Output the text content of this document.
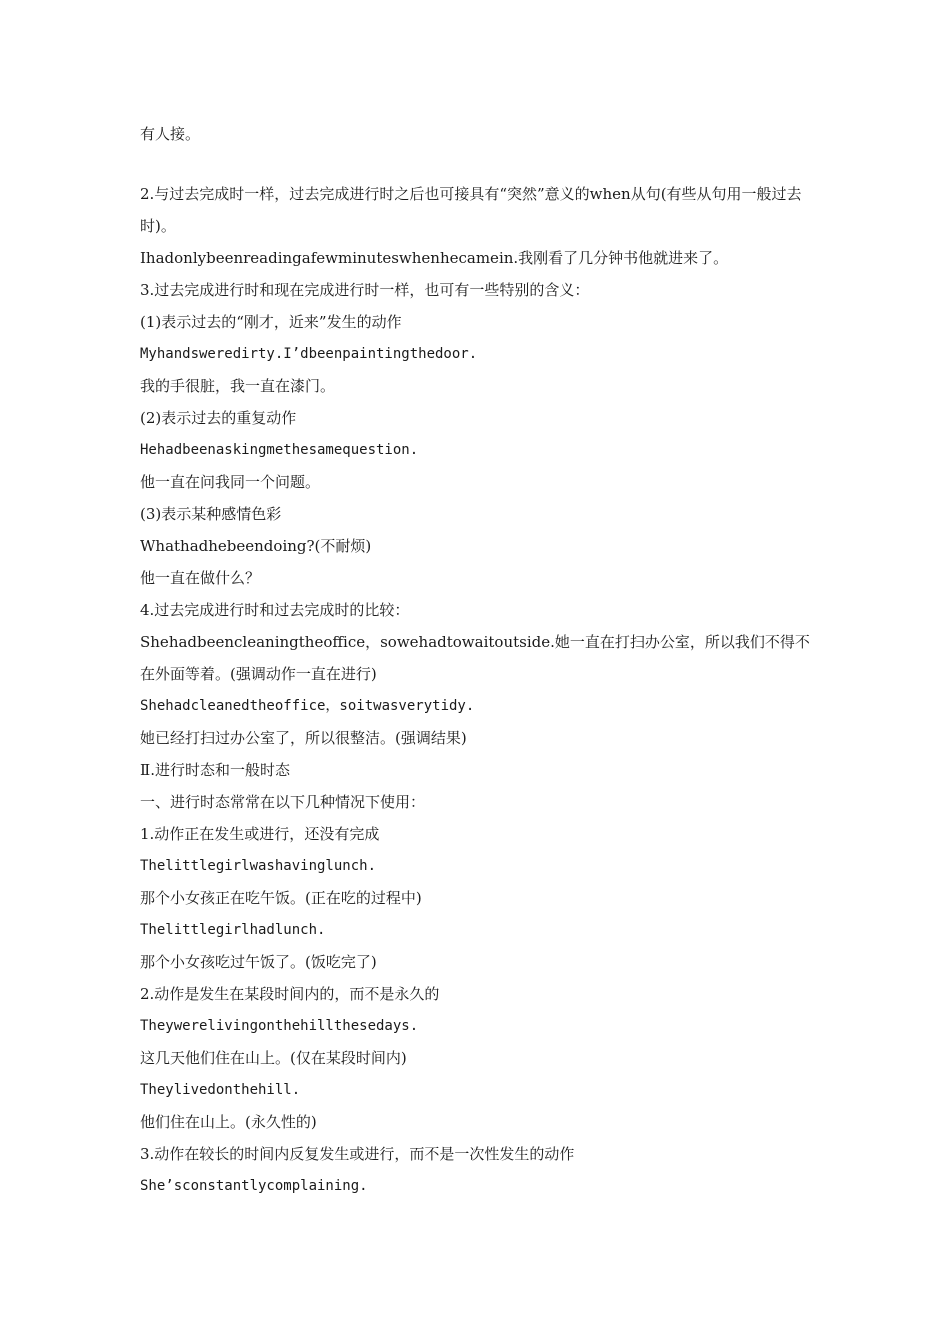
有人接。

2.与过去完成时一样，过去完成进行时之后也可接具有“突然”意义的when从句(有些从句用一般过去时)。

Ihadonlybeenreadingafewminuteswhenhecamein.我刚看了几分钟书他就进来了。

3.过去完成进行时和现在完成进行时一样，也可有一些特别的含义：

(1)表示过去的“刚才，近来”发生的动作

Myhandsweredirty.I’dbeenpaintingthedoor.

我的手很脏，我一直在漆门。

(2)表示过去的重复动作

Hehadbeenaskingmethesamequestion.

他一直在问我同一个问题。

(3)表示某种感情色彩

Whathadhebeendoing?(不耐烦)

他一直在做什么？

4.过去完成进行时和过去完成时的比较：

Shehadbeencleaningtheoffice，sowehadtowaitoutside.她一直在打扫办公室，所以我们不得不在外面等着。(强调动作一直在进行)

Shehadcleanedtheoffice，soitwasverytidy.

她已经打扫过办公室了，所以很整洁。(强调结果)

Ⅱ.进行时态和一般时态

一、进行时态常常在以下几种情况下使用：

1.动作正在发生或进行，还没有完成

Thelittlegirlwashavinglunch.

那个小女孩正在吃午饭。(正在吃的过程中)

Thelittlegirlhadlunch.

那个小女孩吃过午饭了。(饭吃完了)

2.动作是发生在某段时间内的，而不是永久的

Theywerelivingonthehillthesedays.

这几天他们住在山上。(仅在某段时间内)

Theylivedonthehill.

他们住在山上。(永久性的)

3.动作在较长的时间内反复发生或进行，而不是一次性发生的动作

She’sconstantlycomplaining.
